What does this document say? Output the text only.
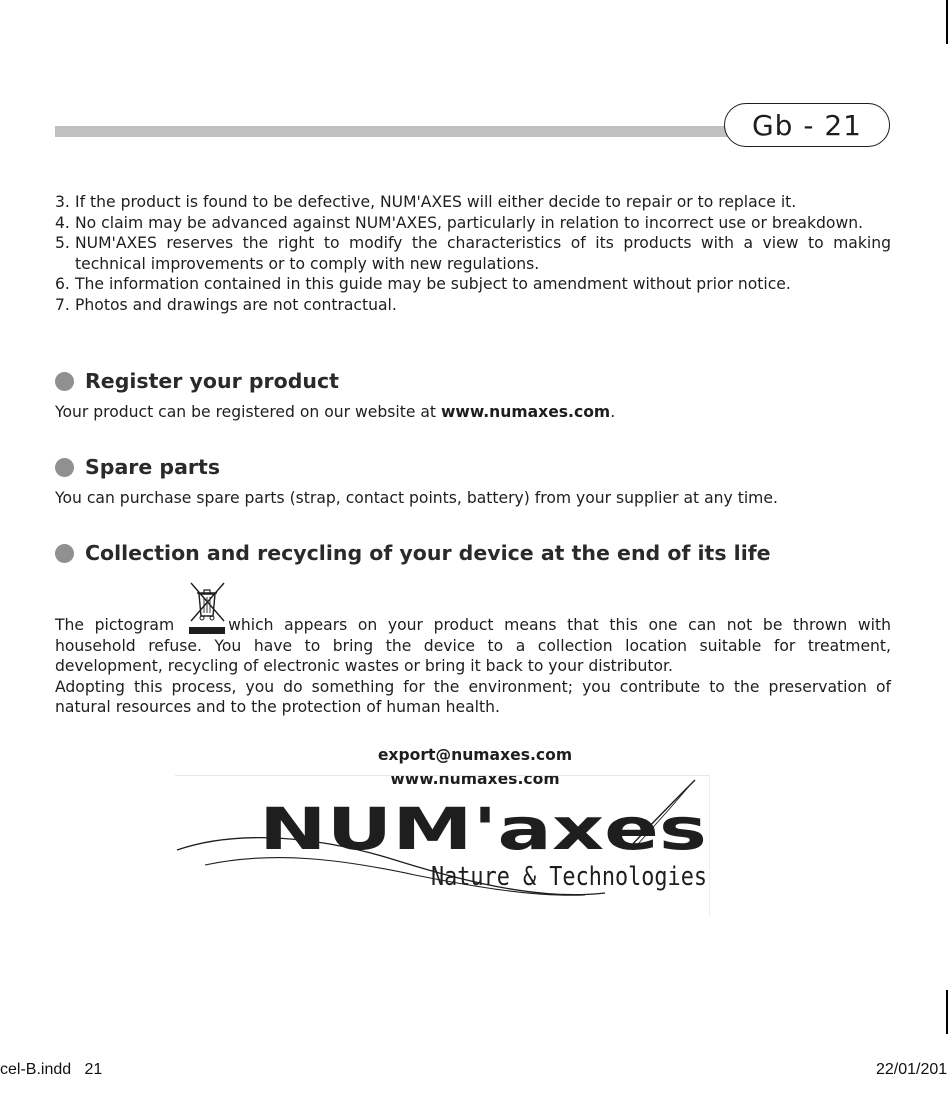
Gb - 21
3. If the product is found to be defective, NUM'AXES will either decide to repair or to replace it.
4. No claim may be advanced against NUM'AXES, particularly in relation to incorrect use or breakdown.
5. NUM'AXES reserves the right to modify the characteristics of its products with a view to making technical improvements or to comply with new regulations.
6. The information contained in this guide may be subject to amendment without prior notice.
7. Photos and drawings are not contractual.
Register your product
Your product can be registered on our website at www.numaxes.com.
Spare parts
You can purchase spare parts (strap, contact points, battery) from your supplier at any time.
Collection and recycling of your device at the end of its life
The pictogram	which appears on your product means that this one can not be thrown with household refuse. You have to bring the device to a collection location suitable for treatment, development, recycling of electronic wastes or bring it back to your distributor.
Adopting this process, you do something for the environment; you contribute to the preservation of natural resources and to the protection of human health.
export@numaxes.com
www.numaxes.com
NUM'axes
Nature & Technologies
cel-B.indd   21	22/01/201
